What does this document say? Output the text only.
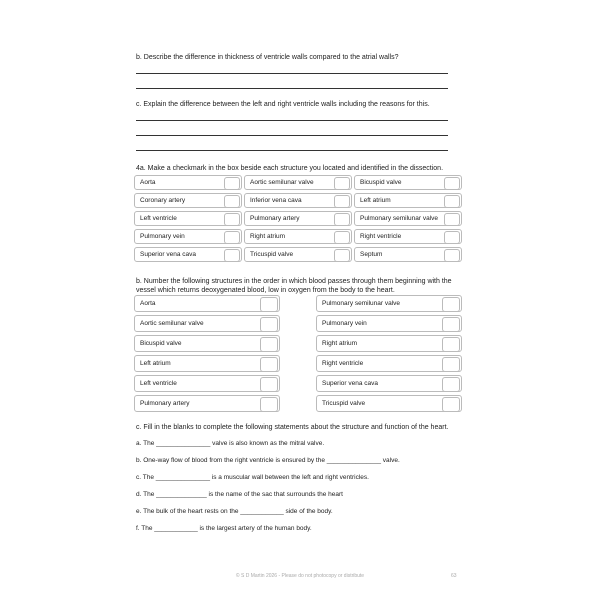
b. Describe the difference in thickness of ventricle walls compared to the atrial walls?
c. Explain the difference between the left and right ventricle walls including the reasons for this.
4a. Make a checkmark in the box beside each structure you located and identified in the dissection.
Aorta	Aortic semilunar valve	Bicuspid valve
Coronary artery	Inferior vena cava	Left atrium
Left ventricle	Pulmonary artery	Pulmonary semilunar valve
Pulmonary vein	Right atrium	Right ventricle
Superior vena cava	Tricuspid valve	Septum
b. Number the following structures in the order in which blood passes through them beginning with the vessel which returns deoxygenated blood, low in oxygen from the body to the heart.
Aorta
Aortic semilunar valve
Bicuspid valve
Left atrium
Left ventricle
Pulmonary artery
Pulmonary semilunar valve
Pulmonary vein
Right atrium
Right ventricle
Superior vena cava
Tricuspid valve
c. Fill in the blanks to complete the following statements about the structure and function of the heart.
a. The _______________ valve is also known as the mitral valve.
b. One-way flow of blood from the right ventricle is ensured by the _______________ valve.
c. The _______________ is a muscular wall between the left and right ventricles.
d. The ______________ is the name of the sac that surrounds the heart
e. The bulk of the heart rests on the ____________ side of the body.
f. The ____________ is the largest artery of the human body.
© S D Martin 2026 - Please do not photocopy or distribute	63
